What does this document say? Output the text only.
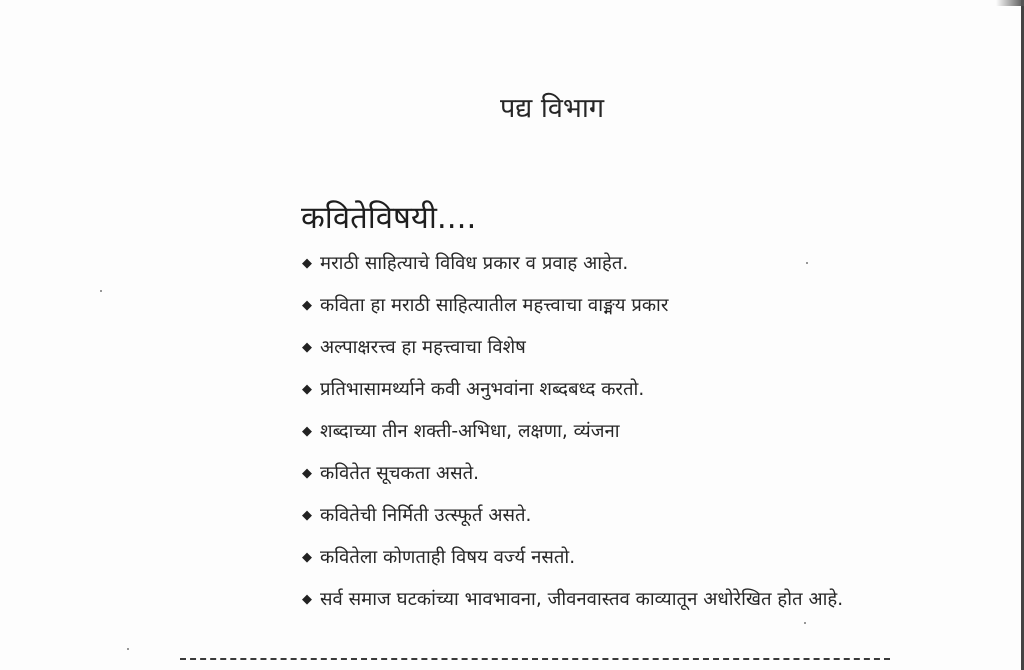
पद्य विभाग
कवितेविषयी....
◆ मराठी साहित्याचे विविध प्रकार व प्रवाह आहेत.
◆ कविता हा मराठी साहित्यातील महत्त्वाचा वाङ्मय प्रकार
◆ अल्पाक्षरत्त्व हा महत्त्वाचा विशेष
◆ प्रतिभासामर्थ्याने कवी अनुभवांना शब्दबध्द करतो.
◆ शब्दाच्या तीन शक्ती-अभिधा, लक्षणा, व्यंजना
◆ कवितेत सूचकता असते.
◆ कवितेची निर्मिती उत्स्फूर्त असते.
◆ कवितेला कोणताही विषय वर्ज्य नसतो.
◆ सर्व समाज घटकांच्या भावभावना, जीवनवास्तव काव्यातून अधोरेखित होत आहे.
